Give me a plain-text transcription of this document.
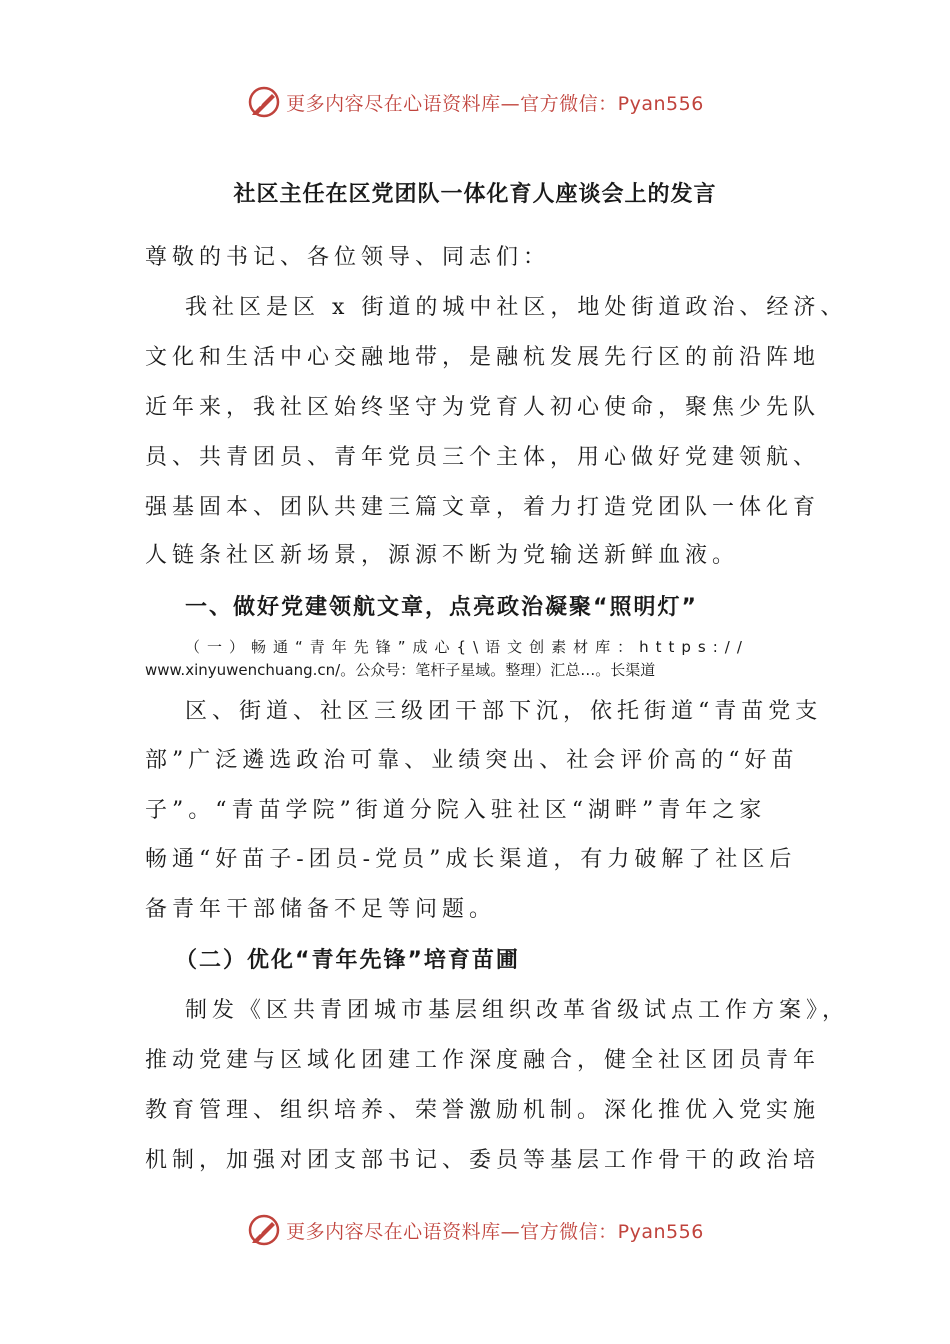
更多内容尽在心语资料库—官方微信：Pyan556
社区主任在区党团队一体化育人座谈会上的发言

尊敬的书记、各位领导、同志们：

我社区是区 x 街道的城中社区，地处街道政治、经济、

文化和生活中心交融地带，是融杭发展先行区的前沿阵地

近年来，我社区始终坚守为党育人初心使命，聚焦少先队

员、共青团员、青年党员三个主体，用心做好党建领航、

强基固本、团队共建三篇文章，着力打造党团队一体化育

人链条社区新场景，源源不断为党输送新鲜血液。

一、做好党建领航文章，点亮政治凝聚“照明灯”

（一）畅通“青年先锋”成心{\语文创素材库：https://

www.xinyuwenchuang.cn/。公众号：笔杆子星域。整理）汇总…。长渠道

区、街道、社区三级团干部下沉，依托街道“青苗党支

部”广泛遴选政治可靠、业绩突出、社会评价高的“好苗

子”。“青苗学院”街道分院入驻社区“湖畔”青年之家

畅通“好苗子-团员-党员”成长渠道，有力破解了社区后

备青年干部储备不足等问题。

（二）优化“青年先锋”培育苗圃

制发《区共青团城市基层组织改革省级试点工作方案》，

推动党建与区域化团建工作深度融合，健全社区团员青年

教育管理、组织培养、荣誉激励机制。深化推优入党实施

机制，加强对团支部书记、委员等基层工作骨干的政治培

更多内容尽在心语资料库—官方微信：Pyan556
